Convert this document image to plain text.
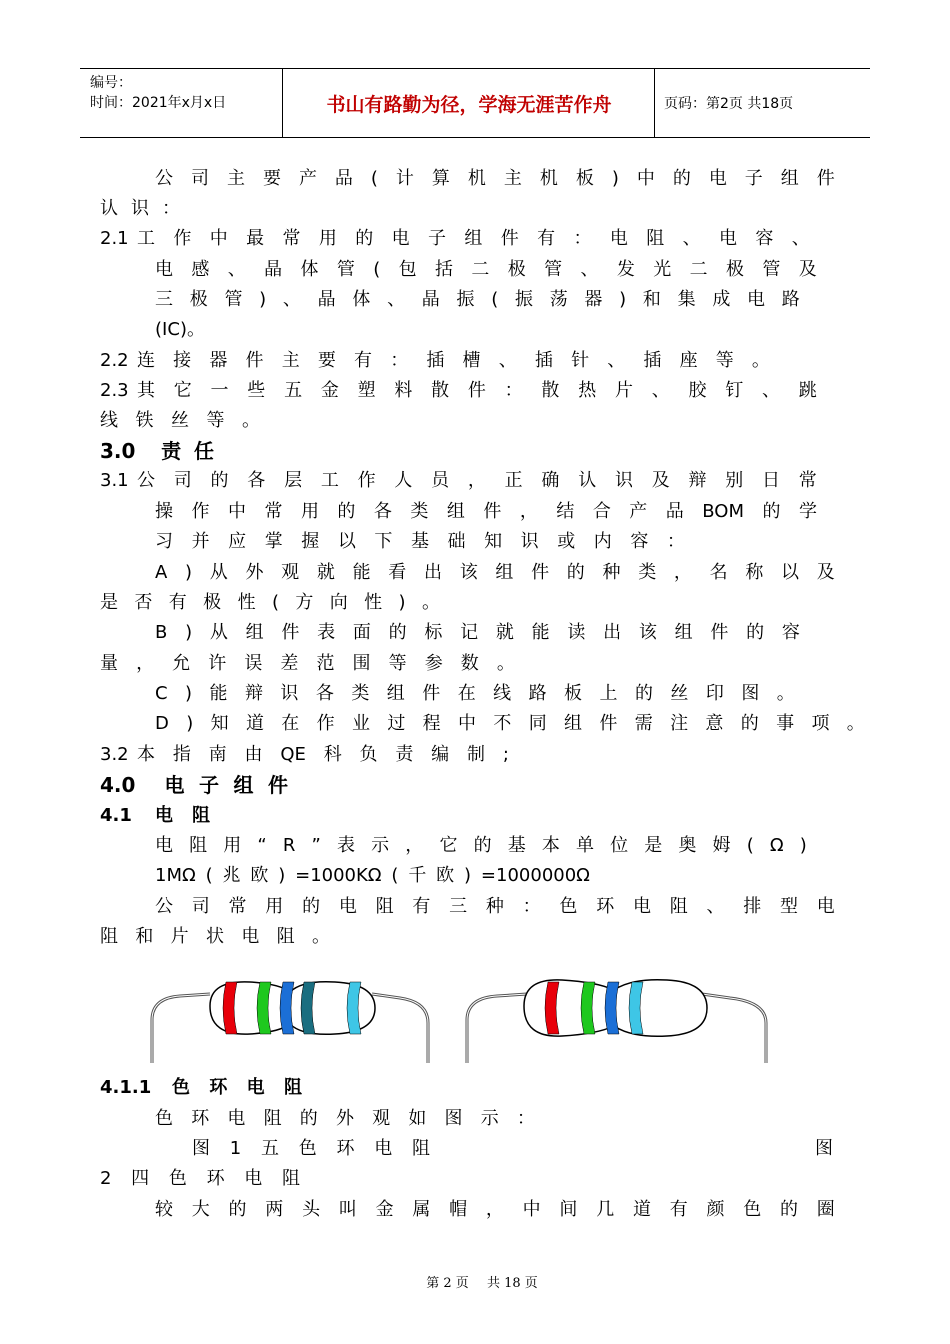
编号：
时间：2021年x月x日	书山有路勤为径，学海无涯苦作舟	页码：第2页 共18页
公 司 主 要 产 品 ( 计 算 机 主 机 板 ) 中 的 电 子 组 件
认 识 ：
2.1 工 作 中 最 常 用 的 电 子 组 件 有 ： 电 阻 、 电 容 、
电 感 、 晶 体 管 ( 包 括 二 极 管 、 发 光 二 极 管 及
三 极 管 ) 、 晶 体 、 晶 振 ( 振 荡 器 ) 和 集 成 电 路
( IC ) 。
2.2 连 接 器 件 主 要 有 ： 插 槽 、 插 针 、 插 座 等 。
2.3 其 它 一 些 五 金 塑 料 散 件 ： 散 热 片 、 胶 钉 、 跳
线 铁 丝 等 。
3.0 责 任
3.1 公 司 的 各 层 工 作 人 员 ， 正 确 认 识 及 辩 别 日 常
操 作 中 常 用 的 各 类 组 件 ， 结 合 产 品 BOM 的 学
习 并 应 掌 握 以 下 基 础 知 识 或 内 容 ：
A ) 从 外 观 就 能 看 出 该 组 件 的 种 类 ， 名 称 以 及
是 否 有 极 性 ( 方 向 性 ) 。
B ) 从 组 件 表 面 的 标 记 就 能 读 出 该 组 件 的 容
量 ， 允 许 误 差 范 围 等 参 数 。
C ) 能 辩 识 各 类 组 件 在 线 路 板 上 的 丝 印 图 。
D ) 知 道 在 作 业 过 程 中 不 同 组 件 需 注 意 的 事 项 。
3.2 本 指 南 由 QE 科 负 责 编 制 ;
4.0 电 子 组 件
4.1 电 阻
电 阻 用 “ R ” 表 示 ， 它 的 基 本 单 位 是 奥 姆 ( Ω )
1MΩ ( 兆 欧 ) =1000KΩ ( 千 欧 ) =1000000Ω
公 司 常 用 的 电 阻 有 三 种 ： 色 环 电 阻 、 排 型 电
阻 和 片 状 电 阻 。
4.1.1 色 环 电 阻
色 环 电 阻 的 外 观 如 图 示 ：
图 1 五 色 环 电 阻	图
2 四 色 环 电 阻
较 大 的 两 头 叫 金 属 帽 ， 中 间 几 道 有 颜 色 的 圈
第 2 页 共 18 页
